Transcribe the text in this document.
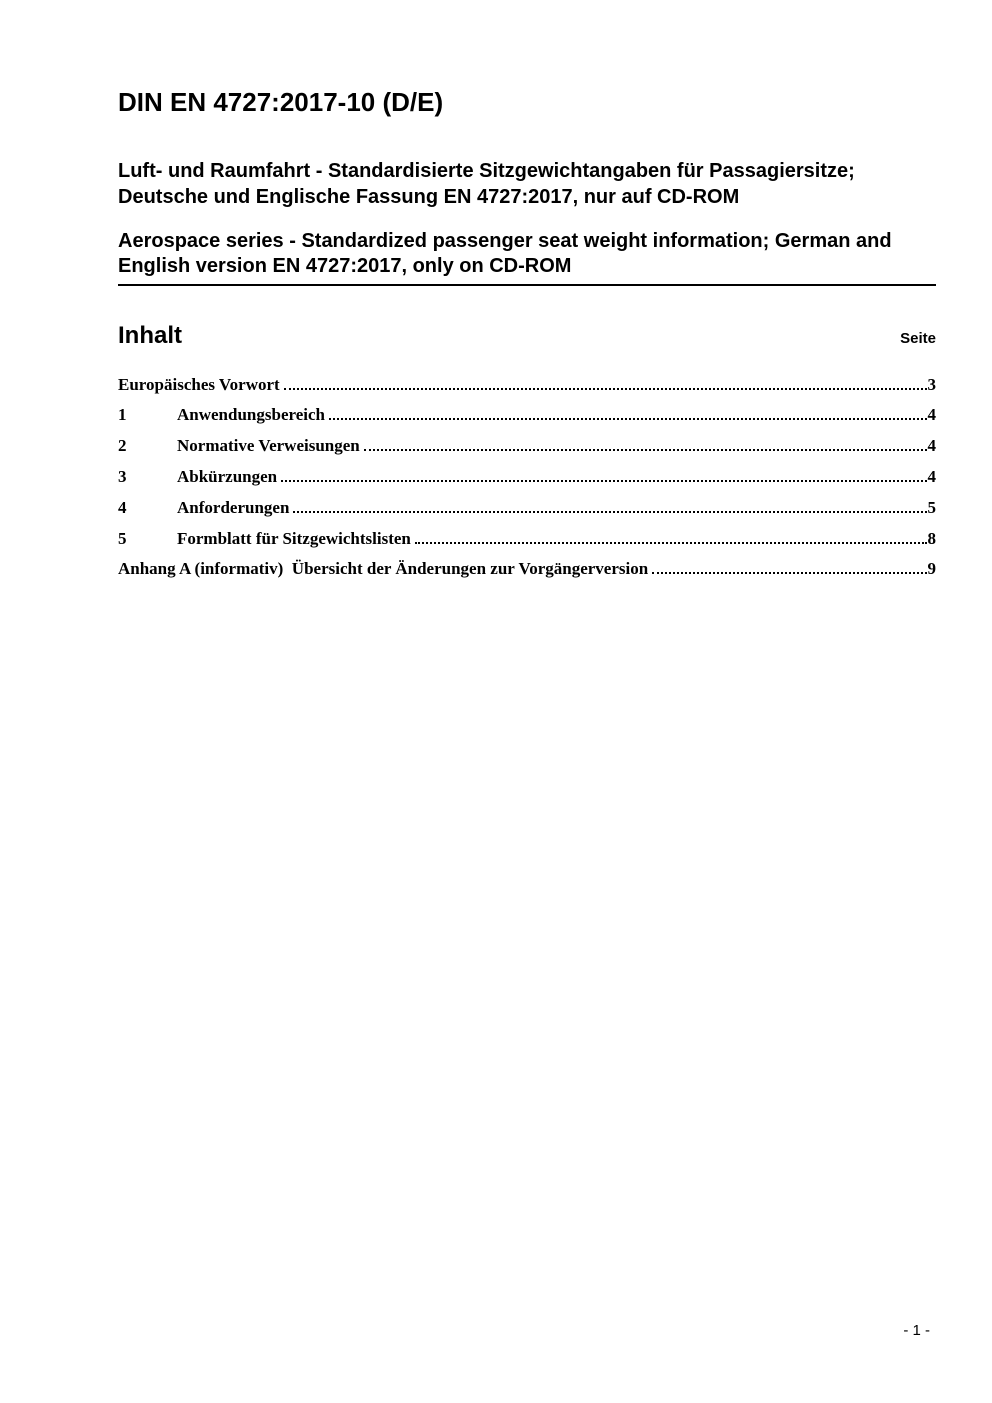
DIN EN 4727:2017-10 (D/E)
Luft- und Raumfahrt - Standardisierte Sitzgewichtangaben für Passagiersitze;
Deutsche und Englische Fassung EN 4727:2017, nur auf CD-ROM
Aerospace series - Standardized passenger seat weight information; German and
English version EN 4727:2017, only on CD-ROM
Inhalt	Seite
Europäisches Vorwort	3
1	Anwendungsbereich	4
2	Normative Verweisungen	4
3	Abkürzungen	4
4	Anforderungen	5
5	Formblatt für Sitzgewichtslisten	8
Anhang A (informativ)  Übersicht der Änderungen zur Vorgängerversion	9
- 1 -
